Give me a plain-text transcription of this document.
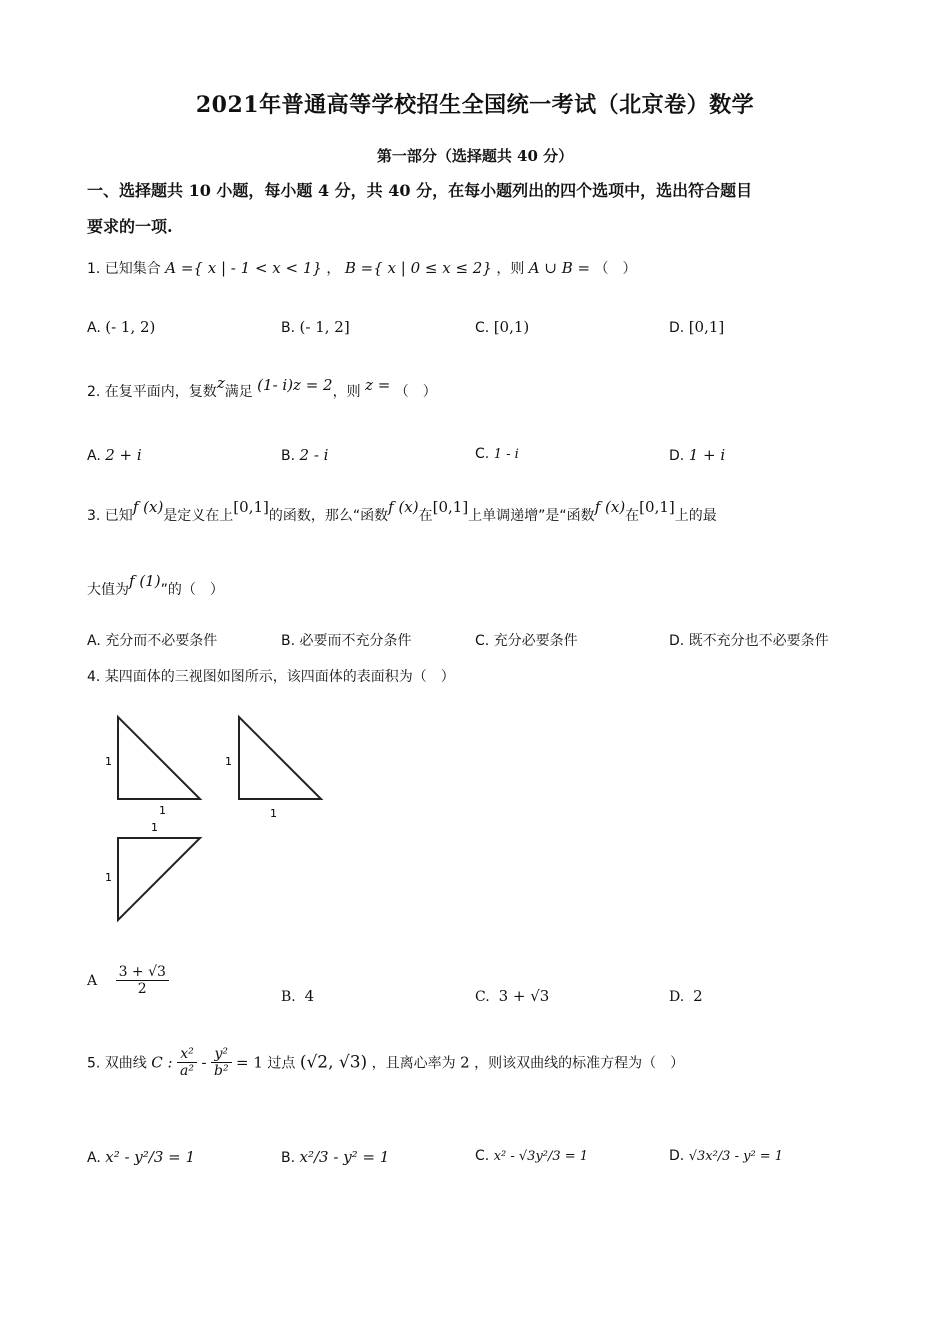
2021年普通高等学校招生全国统一考试（北京卷）数学
第一部分（选择题共 40 分）
一、选择题共 10 小题，每小题 4 分，共 40 分，在每小题列出的四个选项中，选出符合题目
要求的一项.
1. 已知集合 A ={ x | - 1 < x < 1} ， B ={ x | 0 ≤ x ≤ 2} ，则 A ∪ B = （　）
A. (- 1, 2)	B. (- 1, 2]	C. [0,1)	D. [0,1]
2. 在复平面内，复数z满足 (1- i)z = 2，则 z = （　）
A. 2 + i	B. 2 - i	C. 1 - i	D. 1 + i
3. 已知f (x)是定义在上[0,1]的函数，那么“函数f (x)在[0,1]上单调递增”是“函数f (x)在[0,1]上的最
大值为f (1)”的（　）
A. 充分而不必要条件	B. 必要而不充分条件	C. 充分必要条件	D. 既不充分也不必要条件
4. 某四面体的三视图如图所示，该四面体的表面积为（　）
1
1
1
1
1
1
A $\frac{3 + √3}{2}$	B. 4	C. 3 + √3	D. 2
5. 双曲线 C : $\frac{\text{x²}}{\text{a²}} - \frac{\text{y²}}{\text{b²}} = 1$ 过点 (√2, √3) ，且离心率为 2 ，则该双曲线的标准方程为（　）
A. x² - y²/3 = 1	B. x²/3 - y² = 1	C. x² - √3y²/3 = 1	D. √3x²/3 - y² = 1
